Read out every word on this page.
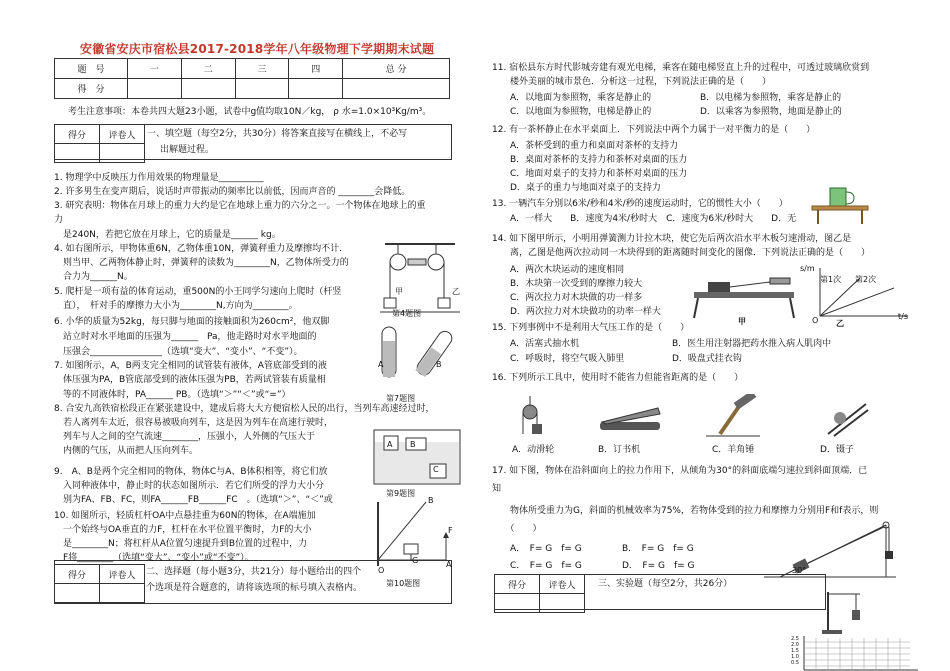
安徽省安庆市宿松县2017-2018学年八年级物理下学期期末试题
题　号	一	二	三	四	总 分
得　分					
考生注意事项：本卷共四大题23小题，试卷中g值均取10N／kg， ρ 水=1.0×10³Kg/m³。
得分	评卷人
	一、填空题（每空2分，共30分）将答案直接写在横线上，不必写
出解题过程。
得分	评卷人
	二、选择题（每小题3分，共21分）每小题给出的四个
个选项是符合题意的，请将该选项的标号填入表格内。
第4题图
甲	乙
A	B
第7题图
A B
C
第9题图
B
O
A
F
G
第10题图
11. 宿松县东方时代影城旁建有观光电梯，乘客在随电梯竖直上升的过程中，可透过玻璃欣赏到
　　楼外美丽的城市景色．分析这一过程，下列说法正确的是（　　）
A．以地面为参照物，乘客是静止的	B．以电梯为参照物，乘客是静止的
C．以地面为参照物，电梯是静止的	D．以乘客为参照物，地面是静止的
12. 有一茶杯静止在水平桌面上．下列说法中两个力属于一对平衡力的是（　　）
A．茶杯受到的重力和桌面对茶杯的支持力
B．桌面对茶杯的支持力和茶杯对桌面的压力
C．地面对桌子的支持力和茶杯对桌面的压力
D．桌子的重力与地面对桌子的支持力
13. 一辆汽车分别以6米/秒和4米/秒的速度运动时，它的惯性大小（　　）
A．一样大　　B．速度为4米/秒时大　C．速度为6米/秒时大　　D．无
14. 如下图甲所示，小明用弹簧测力计拉木块，使它先后两次沿水平木板匀速滑动，图乙是
　　离，乙图是他两次拉动同一木块得到的距离随时间变化的图像．下列说法正确的是（　　）
A．两次木块运动的速度相同
B．木块第一次受到的摩擦力较大
C．两次拉力对木块做的功一样多
D．两次拉力对木块做功的功率一样大
甲
s/m
第1次 第2次
t/s
O 乙
15. 下列事例中不是利用大气压工作的是（　　）
A．活塞式抽水机	B．医生用注射器把药水推入病人肌肉中
C．呼吸时，将空气吸入肺里	D．吸盘式挂衣钩
16. 下列所示工具中，使用时不能省力但能省距离的是（　　）
A．动滑轮	B．订书机	C．羊角锤	D．镊子
17. 如下图，物体在沿斜面向上的拉力作用下，从倾角为30°的斜面底端匀速拉到斜面顶端．已
知
　　物体所受重力为G，斜面的机械效率为75%，若物体受到的拉力和摩擦力分别用F和f表示，则
　　（　　）
A．　F= G　f= G	B．　F= G　f= G
C．　F= G　f= G	D．　F= G　f= G	30°
得分	评卷人
		三、实验题（每空2分，共26分）
2.5
2.0
1.5
1.0
0.5
1. 物理学中反映压力作用效果的物理量是__________
2. 许多男生在变声期后，说话时声带振动的频率比以前低，因而声音的 ________会降低。
3. 研究表明：物体在月球上的重力大约是它在地球上重力的六分之一。一个物体在地球上的重
力
　是240N，若把它放在月球上，它的质量是______ kg。
4. 如右图所示，甲物体重6N，乙物体重10N，弹簧秤重力及摩擦均不计.
　则当甲、乙两物体静止时，弹簧秤的读数为________N，乙物体所受力的
　合力为______N。
5. 爬杆是一项有益的体育运动，重500N的小王同学匀速向上爬时（杆竖
　直），　杆对手的摩擦力大小为________N,方向为________。
6. 小华的质量为52kg，每只脚与地面的接触面积为260cm²，他双脚
　站立时对水平地面的压强为______　Pa，他走路时对水平地面的
　压强会________________（选填“变大”、“变小”、“不变”）。
7. 如图所示，A，B两支完全相同的试管装有液体，A管底部受到的液
　体压强为PA，B管底部受到的液体压强为PB，若两试管装有质量相
　等的不同液体时，PA______ PB。（选填“＞”“＜”或“=”）
8. 合安九高铁宿松段正在紧张建设中，建成后将大大方便宿松人民的出行，当列车高速经过时，
　若人离列车太近，很容易被吸向列车，这是因为列车在高速行驶时，
　列车与人之间的空气流速________，压强小，人外侧的气压大于
　内侧的气压，从而把人压向列车。
9.　A、B是两个完全相同的物体，物体C与A、B体积相等，将它们放
　入同种液体中，静止时的状态如图所示．若它们所受的浮力大小分
　别为FA、FB、FC，则FA______FB______FC　。（选填“＞”、“＜”或
10. 如图所示，轻质杠杆OA中点悬挂重为60N的物体，在A端施加
　一个始终与OA垂直的力F，杠杆在水平位置平衡时，力F的大小
　是________N；将杠杆从A位置匀速提升到B位置的过程中，力
　F将________（选填“变大”、“变小”或“不变”）。
